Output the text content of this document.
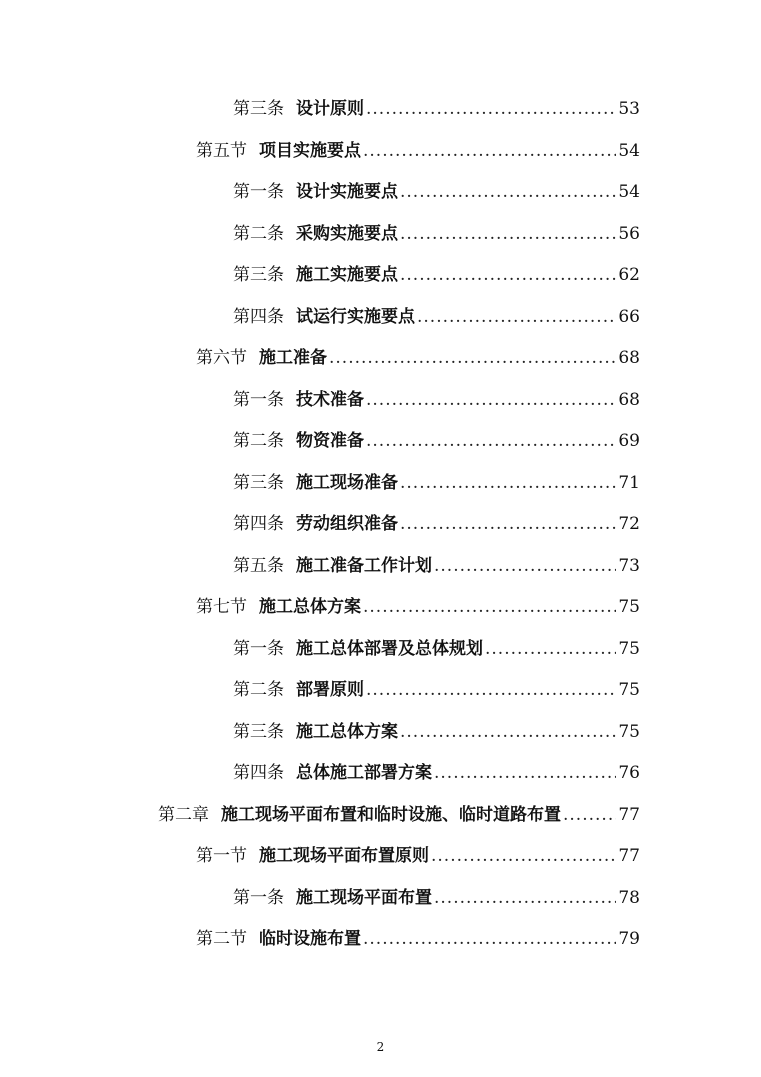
第三条 设计原则 .....	53
第五节 项目实施要点 .....	54
第一条 设计实施要点 .....	54
第二条 采购实施要点 .....	56
第三条 施工实施要点 .....	62
第四条 试运行实施要点 .....	66
第六节 施工准备 .....	68
第一条 技术准备 .....	68
第二条 物资准备 .....	69
第三条 施工现场准备 .....	71
第四条 劳动组织准备 .....	72
第五条 施工准备工作计划 .....	73
第七节 施工总体方案 .....	75
第一条 施工总体部署及总体规划 .....	75
第二条 部署原则 .....	75
第三条 施工总体方案 .....	75
第四条 总体施工部署方案 .....	76
第二章 施工现场平面布置和临时设施、临时道路布置 .....	77
第一节 施工现场平面布置原则 .....	77
第一条 施工现场平面布置 .....	78
第二节 临时设施布置 .....	79
2
